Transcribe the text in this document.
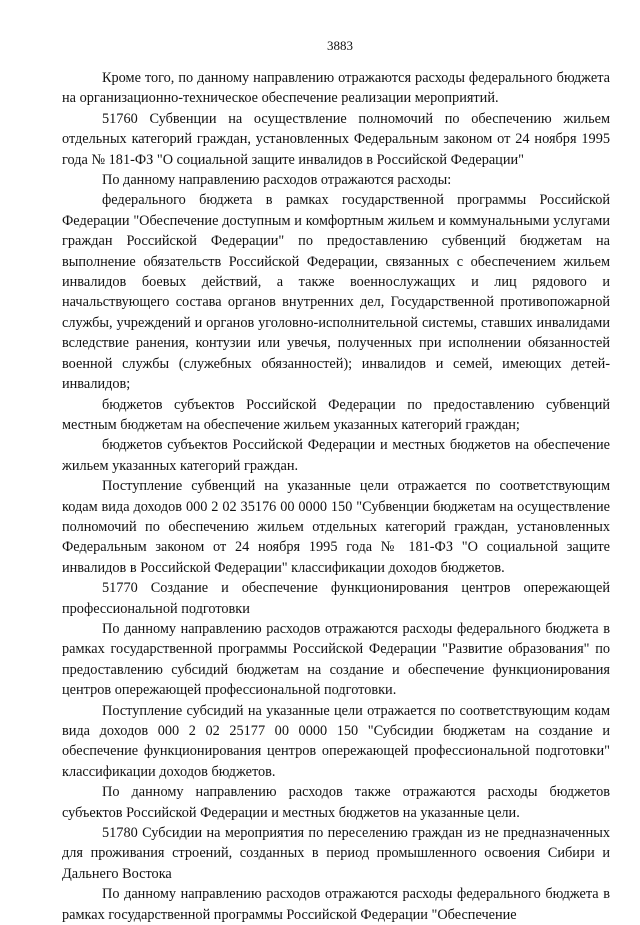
3883

Кроме того, по данному направлению отражаются расходы федерального бюджета на организационно-техническое обеспечение реализации мероприятий.

51760 Субвенции на осуществление полномочий по обеспечению жильем отдельных категорий граждан, установленных Федеральным законом от 24 ноября 1995 года № 181-ФЗ "О социальной защите инвалидов в Российской Федерации"

По данному направлению расходов отражаются расходы:

федерального бюджета в рамках государственной программы Российской Федерации "Обеспечение доступным и комфортным жильем и коммунальными услугами граждан Российской Федерации" по предоставлению субвенций бюджетам на выполнение обязательств Российской Федерации, связанных с обеспечением жильем инвалидов боевых действий, а также военнослужащих и лиц рядового и начальствующего состава органов внутренних дел, Государственной противопожарной службы, учреждений и органов уголовно-исполнительной системы, ставших инвалидами вследствие ранения, контузии или увечья, полученных при исполнении обязанностей военной службы (служебных обязанностей); инвалидов и семей, имеющих детей-инвалидов;

бюджетов субъектов Российской Федерации по предоставлению субвенций местным бюджетам на обеспечение жильем указанных категорий граждан;

бюджетов субъектов Российской Федерации и местных бюджетов на обеспечение жильем указанных категорий граждан.

Поступление субвенций на указанные цели отражается по соответствующим кодам вида доходов 000 2 02 35176 00 0000 150 "Субвенции бюджетам на осуществление полномочий по обеспечению жильем отдельных категорий граждан, установленных Федеральным законом от 24 ноября 1995 года № 181-ФЗ "О социальной защите инвалидов в Российской Федерации" классификации доходов бюджетов.

51770 Создание и обеспечение функционирования центров опережающей профессиональной подготовки

По данному направлению расходов отражаются расходы федерального бюджета в рамках государственной программы Российской Федерации "Развитие образования" по предоставлению субсидий бюджетам на создание и обеспечение функционирования центров опережающей профессиональной подготовки.

Поступление субсидий на указанные цели отражается по соответствующим кодам вида доходов 000 2 02 25177 00 0000 150 "Субсидии бюджетам на создание и обеспечение функционирования центров опережающей профессиональной подготовки" классификации доходов бюджетов.

По данному направлению расходов также отражаются расходы бюджетов субъектов Российской Федерации и местных бюджетов на указанные цели.

51780 Субсидии на мероприятия по переселению граждан из не предназначенных для проживания строений, созданных в период промышленного освоения Сибири и Дальнего Востока

По данному направлению расходов отражаются расходы федерального бюджета в рамках государственной программы Российской Федерации "Обеспечение
